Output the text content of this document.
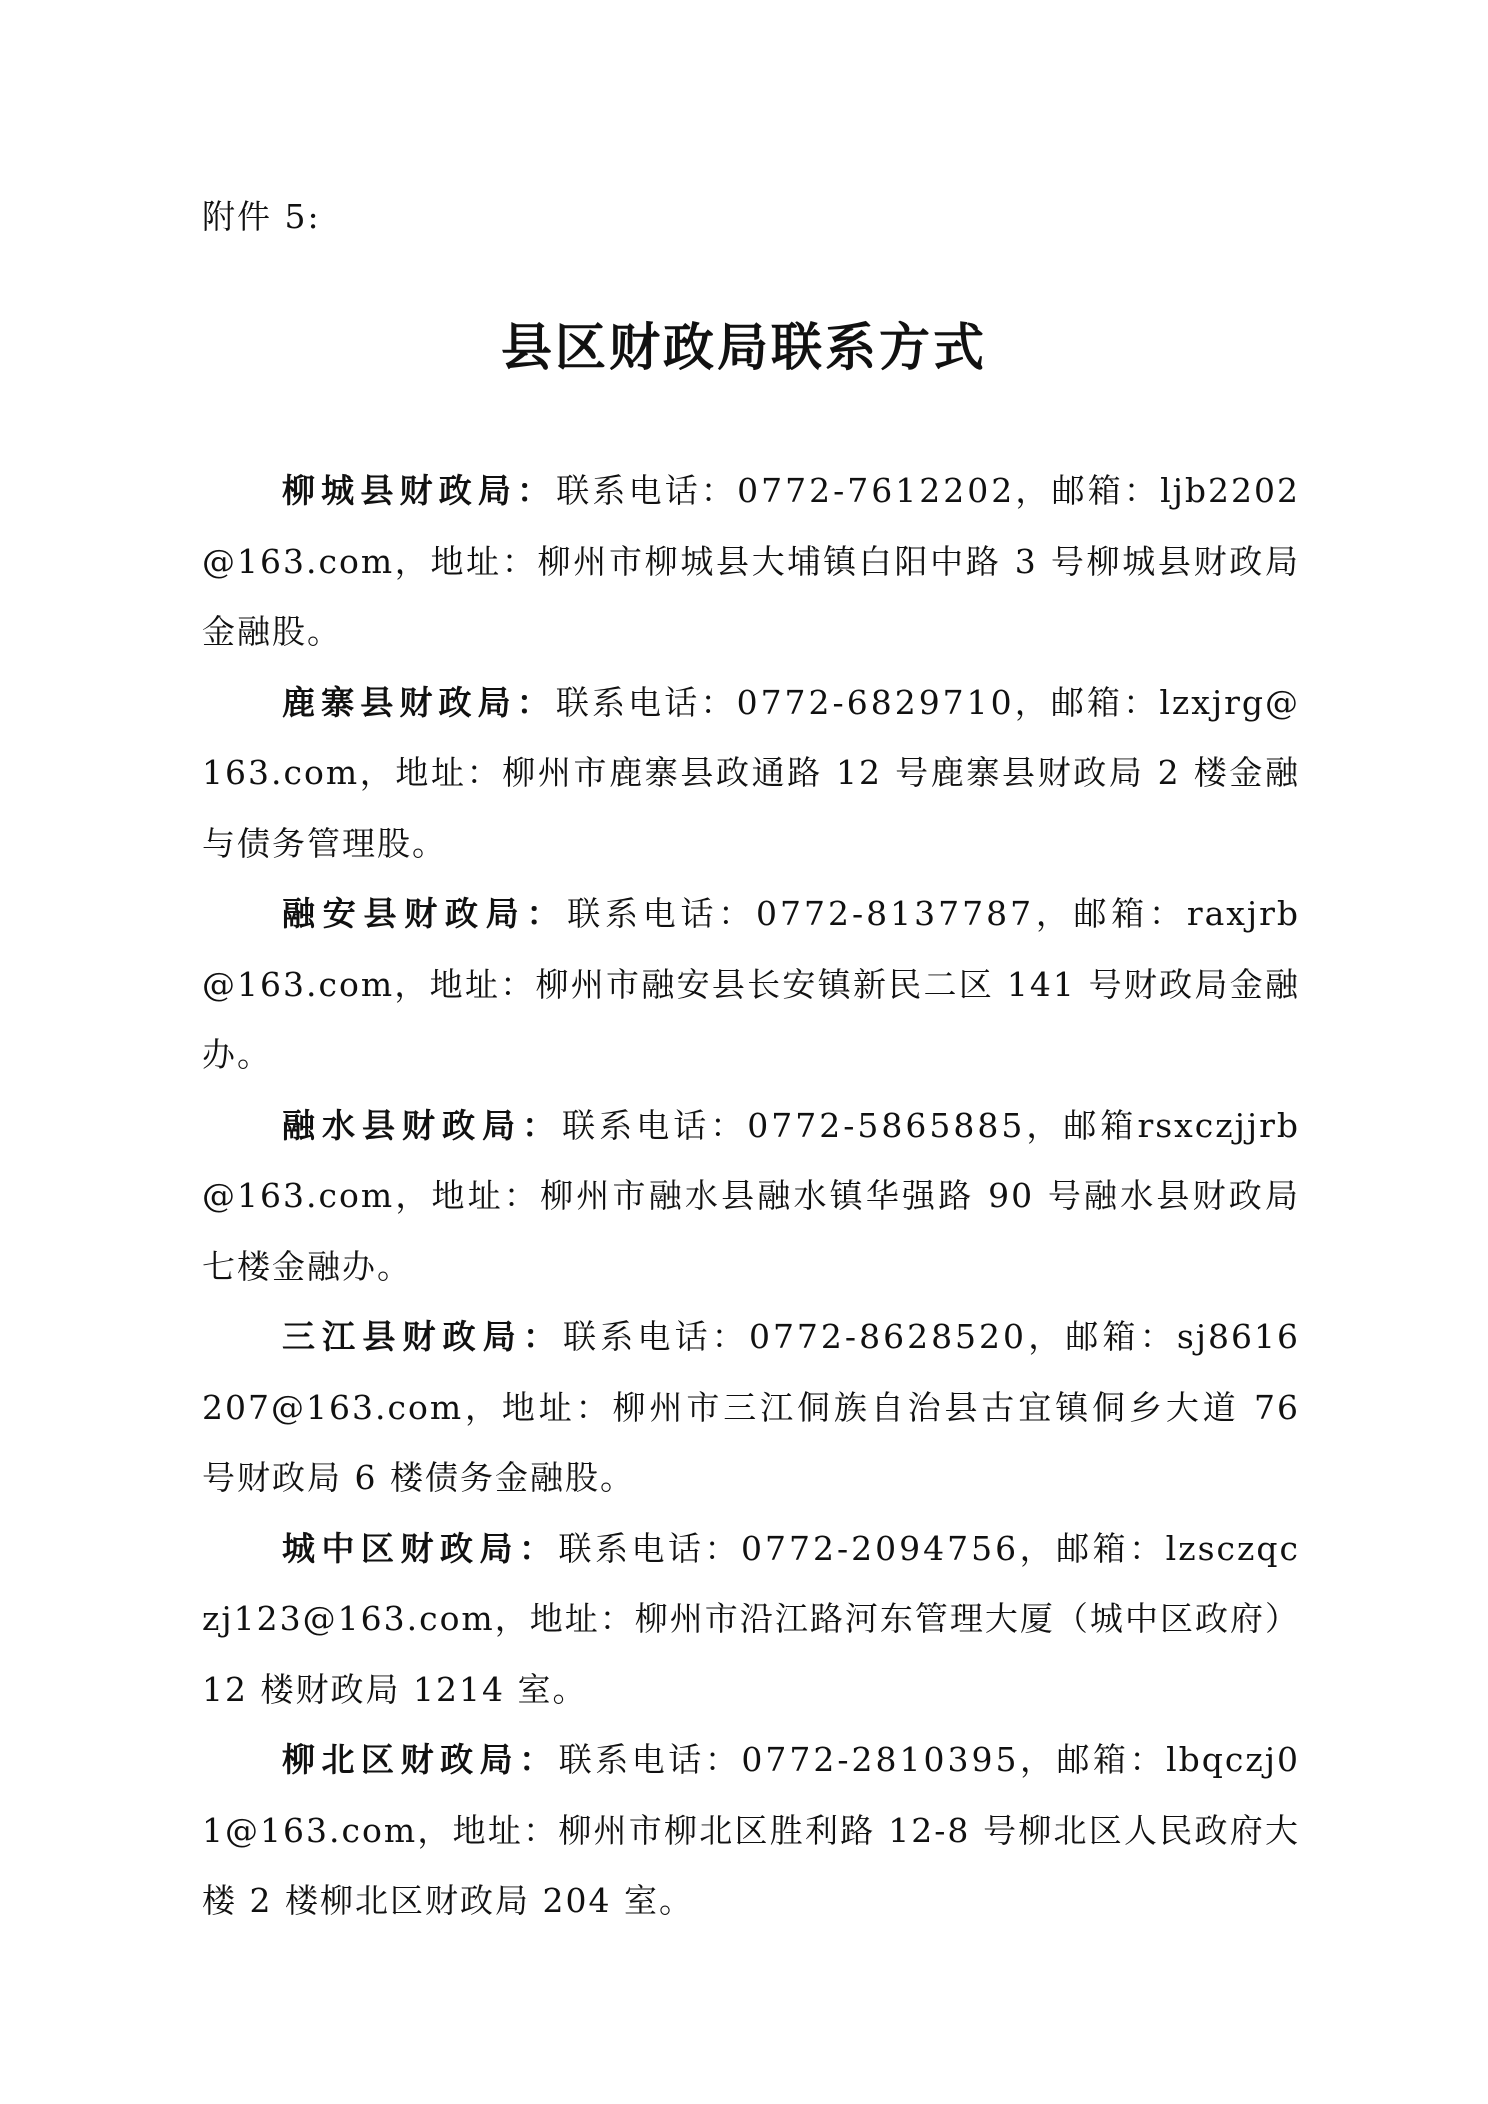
附件 5:
县区财政局联系方式

柳城县财政局：联系电话：0772-7612202，邮箱：ljb2202@163.com，地址：柳州市柳城县大埔镇白阳中路 3 号柳城县财政局金融股。

鹿寨县财政局：联系电话：0772-6829710，邮箱：lzxjrg@163.com，地址：柳州市鹿寨县政通路 12 号鹿寨县财政局 2 楼金融与债务管理股。

融安县财政局：联系电话：0772-8137787，邮箱：raxjrb@163.com，地址：柳州市融安县长安镇新民二区 141 号财政局金融办。

融水县财政局：联系电话：0772-5865885，邮箱rsxczjjrb@163.com，地址：柳州市融水县融水镇华强路 90 号融水县财政局七楼金融办。

三江县财政局：联系电话：0772-8628520，邮箱：sj8616207@163.com，地址：柳州市三江侗族自治县古宜镇侗乡大道 76 号财政局 6 楼债务金融股。

城中区财政局：联系电话：0772-2094756，邮箱：lzsczqczj123@163.com，地址：柳州市沿江路河东管理大厦（城中区政府）12 楼财政局 1214 室。

柳北区财政局：联系电话：0772-2810395，邮箱：lbqczj01@163.com，地址：柳州市柳北区胜利路 12-8 号柳北区人民政府大楼 2 楼柳北区财政局 204 室。
